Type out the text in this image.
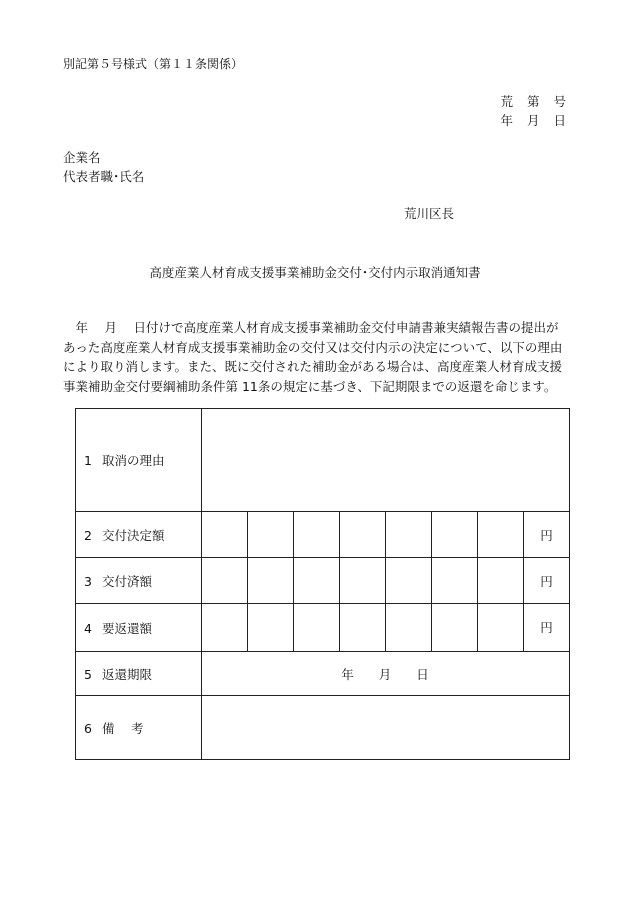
別記第５号様式（第１１条関係）
荒第号
年月日
企業名
代表者職･氏名
荒川区長
高度産業人材育成支援事業補助金交付･交付内示取消通知書
年　 月　 日付けで高度産業人材育成支援事業補助金交付申請書兼実績報告書の提出があった高度産業人材育成支援事業補助金の交付又は交付内示の決定について、以下の理由により取り消します。また、既に交付された補助金がある場合は、高度産業人材育成支援事業補助金交付要綱補助条件第 11条の規定に基づき、下記期限までの返還を命じます。
1 取消の理由								
2 交付決定額								円
3 交付済額								円
4 要返還額								円
5 返還期限	年 月 日							
6 備　 考								
